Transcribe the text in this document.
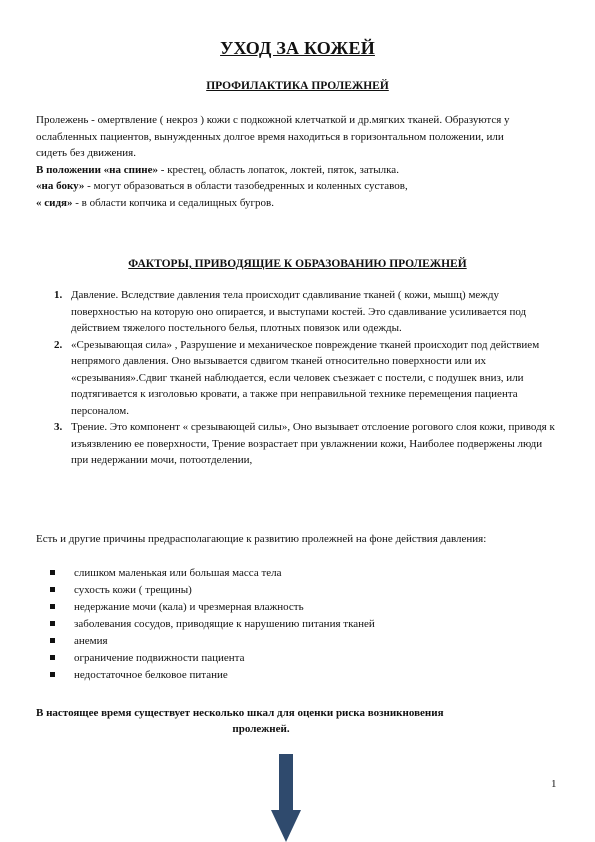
УХОД ЗА КОЖЕЙ
ПРОФИЛАКТИКА ПРОЛЕЖНЕЙ

Пролежень - омертвление ( некроз ) кожи с подкожной клетчаткой и др.мягких тканей. Образуются у ослабленных пациентов, вынужденных долгое время находиться в горизонтальном положении, или сидеть без движения.

В положении «на спине» - крестец, область лопаток, локтей, пяток, затылка.

«на боку» - могут образоваться в области тазобедренных и коленных суставов,

« сидя» - в области копчика и седалищных бугров.

ФАКТОРЫ, ПРИВОДЯЩИЕ К ОБРАЗОВАНИЮ ПРОЛЕЖНЕЙ
1. Давление. Вследствие давления тела происходит сдавливание тканей ( кожи, мышц) между поверхностью на которую оно опирается, и выступами костей. Это сдавливание усиливается под действием тяжелого постельного белья, плотных повязок или одежды.
2. «Срезывающая сила» , Разрушение и механическое повреждение тканей происходит под действием непрямого давления. Оно вызывается сдвигом тканей относительно поверхности или их «срезывания».Сдвиг тканей наблюдается, если человек съезжает с постели, с подушек вниз, или подтягивается к изголовью кровати, а также при неправильной технике перемещения пациента персоналом.
3. Трение. Это компонент « срезывающей силы», Оно вызывает отслоение рогового слоя кожи, приводя к изъязвлению ее поверхности, Трение возрастает при увлажнении кожи, Наиболее подвержены люди при недержании мочи, потоотделении,
Есть и другие причины предрасполагающие к развитию пролежней на фоне действия давления:
слишком маленькая или большая масса тела
сухость кожи ( трещины)
недержание мочи (кала) и чрезмерная влажность
заболевания сосудов, приводящие к нарушению питания тканей
анемия
ограничение подвижности пациента
недостаточное белковое питание
В настоящее время существует несколько шкал для оценки риска возникновения
пролежней.
1
